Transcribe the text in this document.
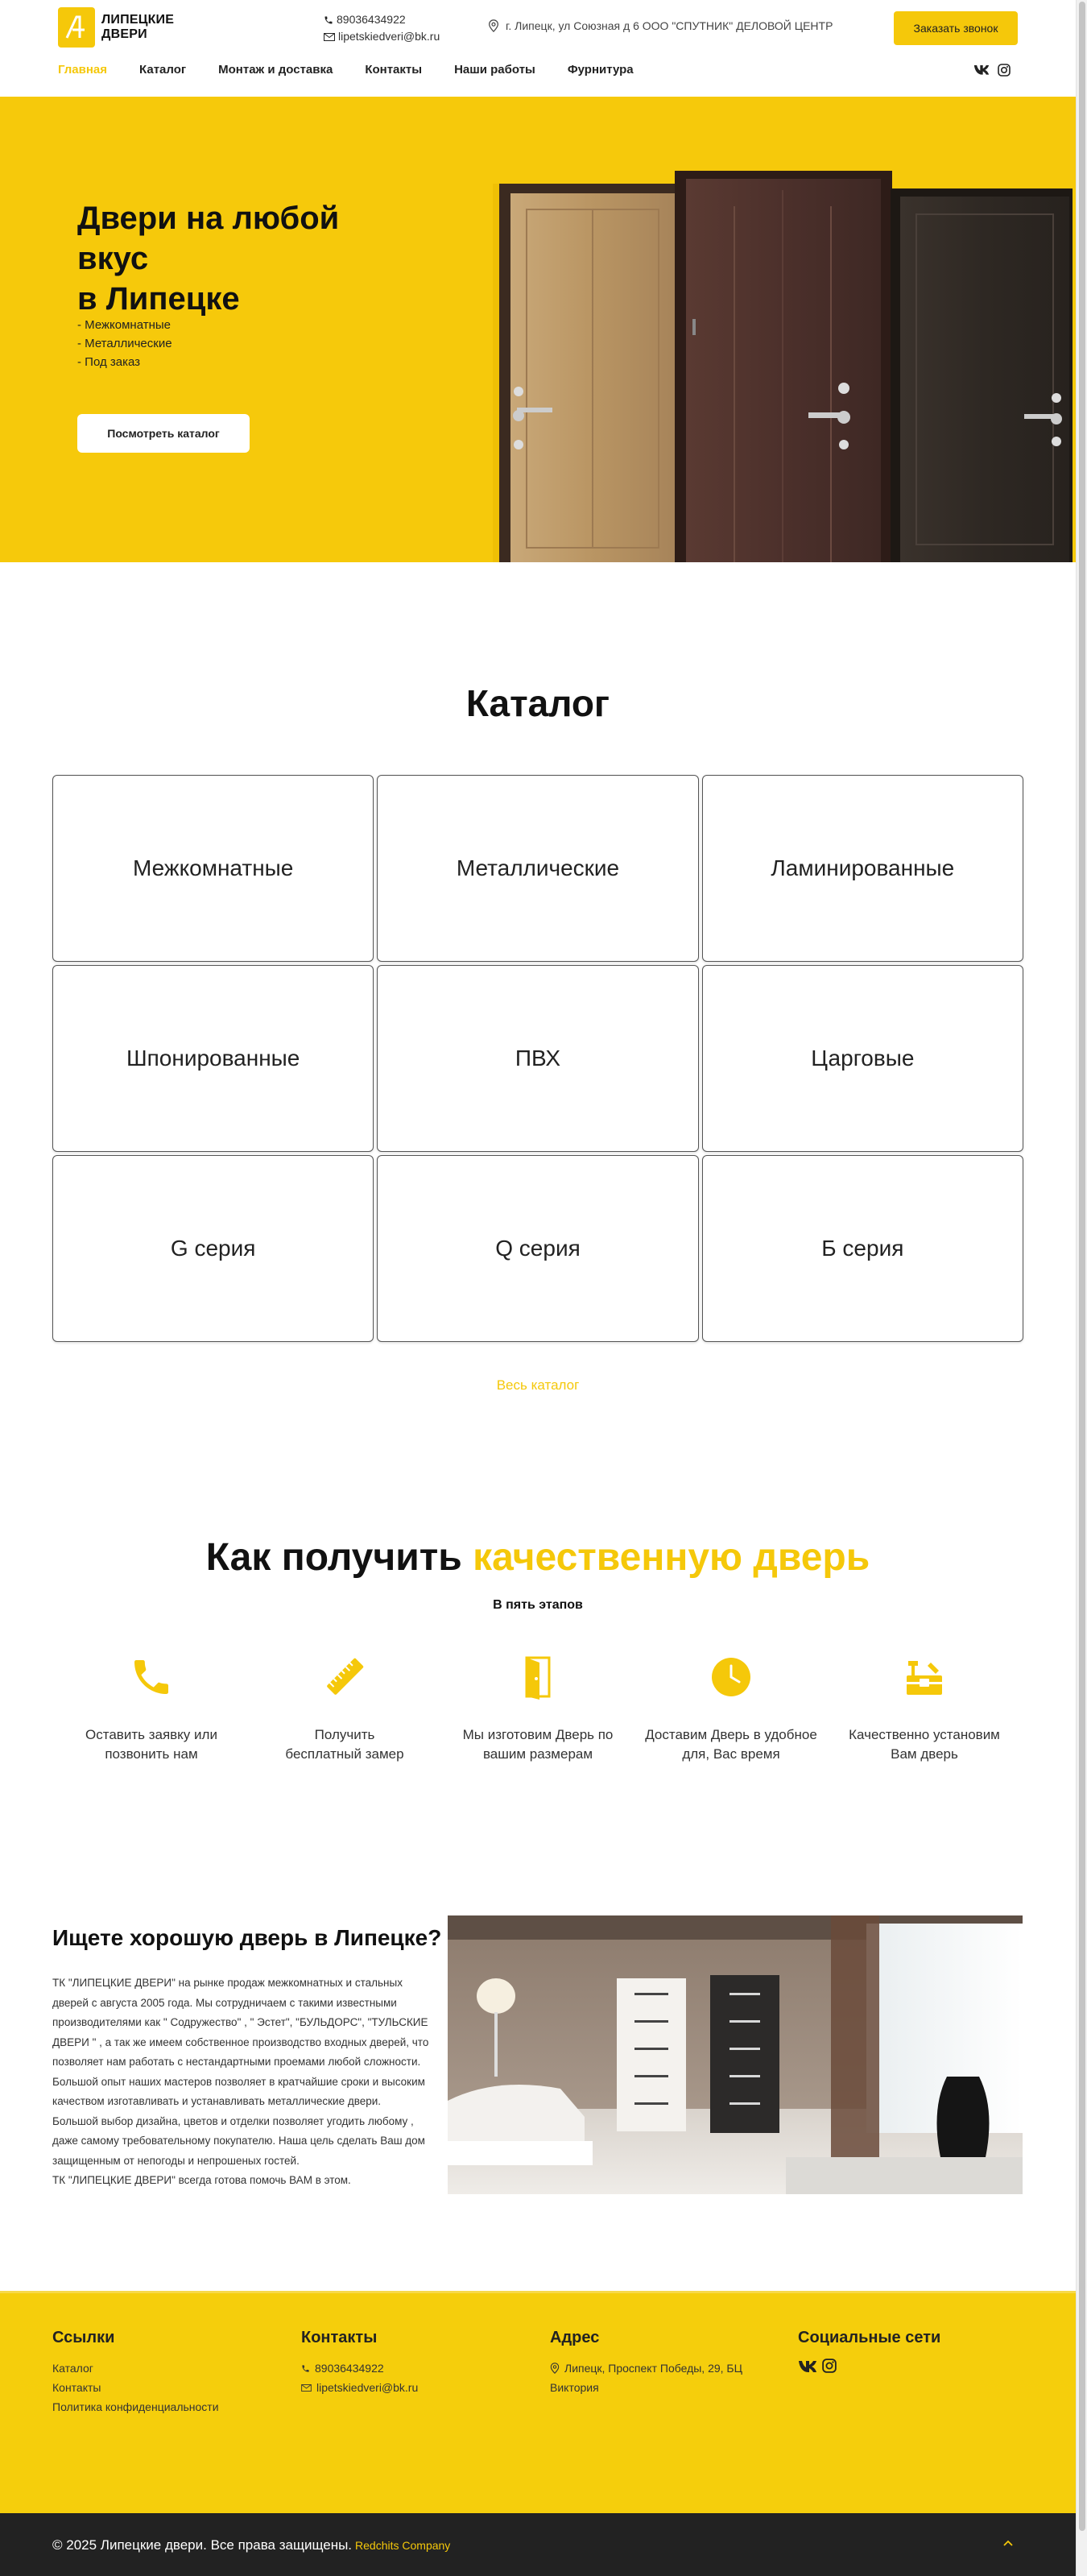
ЛИПЕЦКИЕ
ДВЕРИ
89036434922
lipetskiedveri@bk.ru
г. Липецк, ул Союзная д 6 ООО "СПУТНИК" ДЕЛОВОЙ ЦЕНТР	Заказать звонок
Главная	Каталог	Монтаж и доставка	Контакты	Наши работы	Фурнитура
Двери на любой
вкус
в Липецке
- Межкомнатные
- Металлические
- Под заказ
Посмотреть каталог
Каталог
Межкомнатные	Металлические	Ламинированные
Шпонированные	ПВХ	Царговые
G серия	Q серия	Б серия
Весь каталог
Как получить качественную дверь
В пять этапов
Оставить заявку или
позвонить нам
Получить
бесплатный замер
Мы изготовим Дверь по
вашим размерам
Доставим Дверь в удобное
для, Вас время
Качественно установим
Вам дверь
Ищете хорошую дверь в Липецке?

ТК "ЛИПЕЦКИЕ ДВЕРИ" на рынке продаж межкомнатных и стальных дверей с августа 2005 года. Мы сотрудничаем с такими известными производителями как " Содружество" , " Эстет", "БУЛЬДОРС", "ТУЛЬСКИЕ ДВЕРИ " , а так же имеем собственное производство входных дверей, что позволяет нам работать с нестандартными проемами любой сложности.

Большой опыт наших мастеров позволяет в кратчайшие сроки и высоким качеством изготавливать и устанавливать металлические двери.

Большой выбор дизайна, цветов и отделки позволяет угодить любому , даже самому требовательному покупателю. Наша цель сделать Ваш дом защищенным от непогоды и непрошеных гостей.

ТК "ЛИПЕЦКИЕ ДВЕРИ" всегда готова помочь ВАМ в этом.

Ссылки
Каталог
Контакты
Политика конфиденциальности
Контакты
89036434922
lipetskiedveri@bk.ru
Адрес
Липецк, Проспект Победы, 29, БЦ
Виктория
Социальные сети
© 2025 Липецкие двери. Все права защищены. Redchits Company
